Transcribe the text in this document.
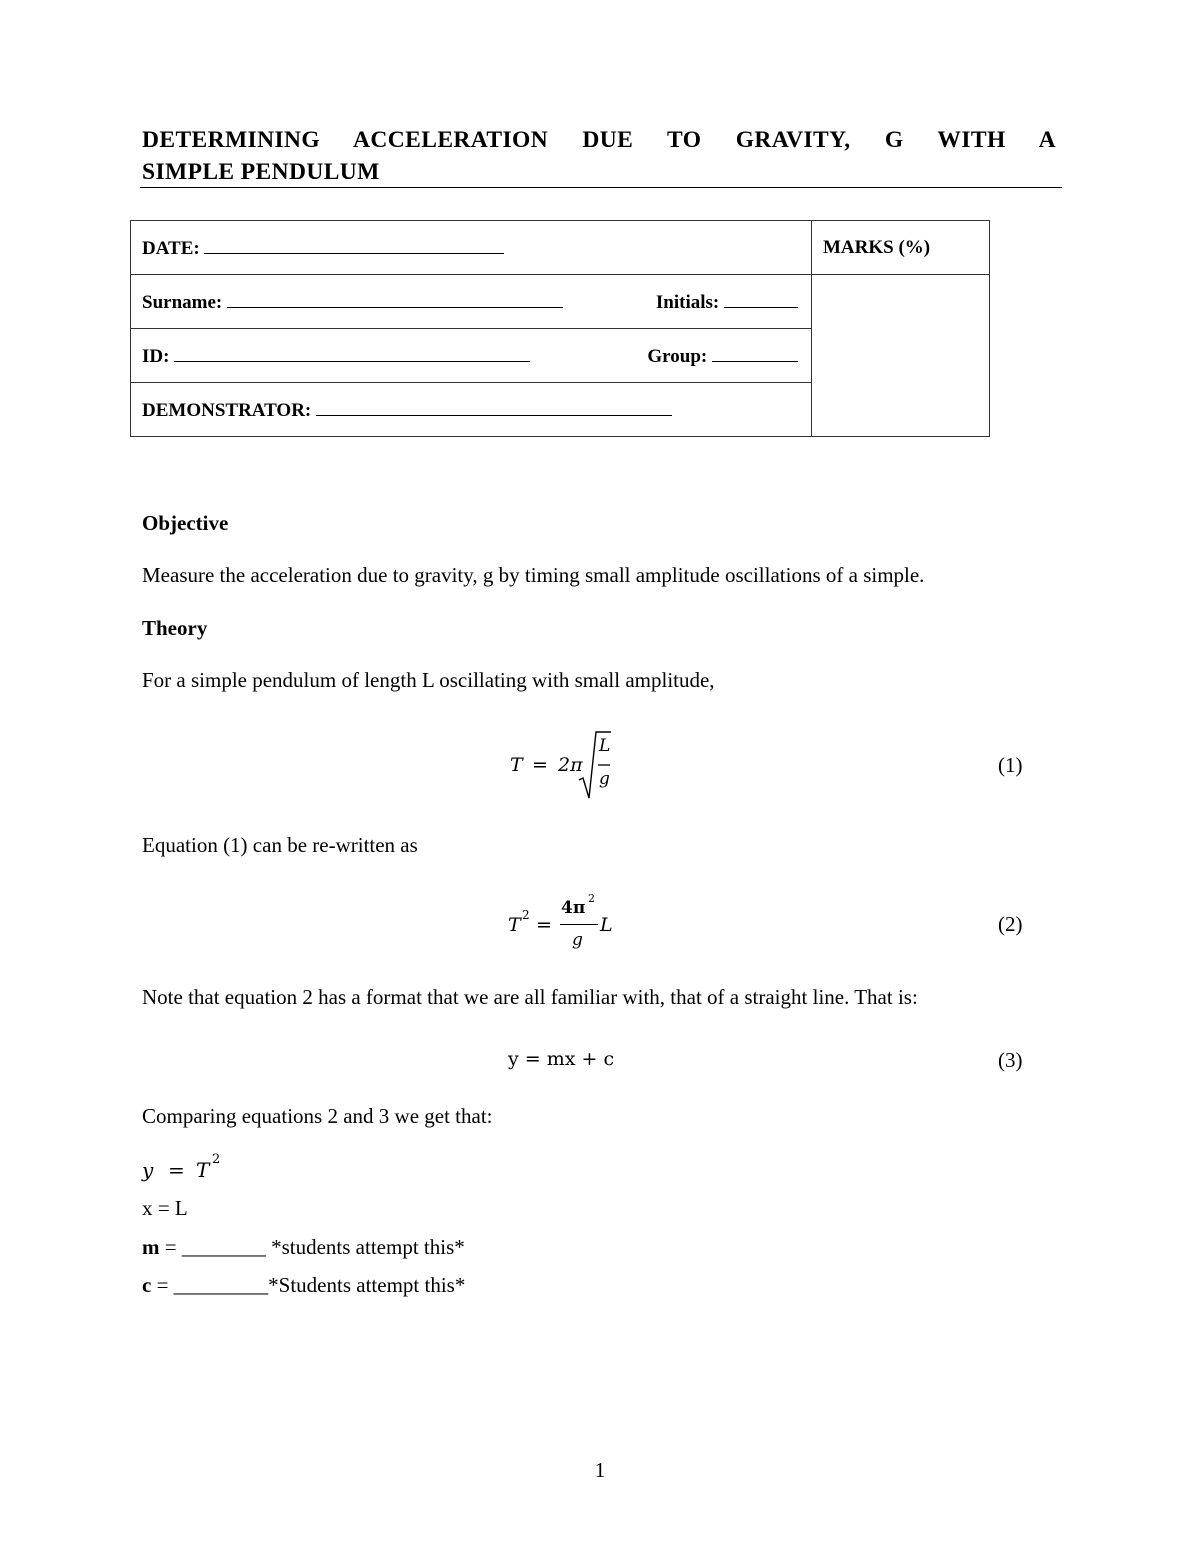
DETERMINING ACCELERATION DUE TO GRAVITY, G WITH A
SIMPLE PENDULUM
DATE:	MARKS (%)

Surname: Initials:	

ID: Group:	

DEMONSTRATOR:	
Objective
Measure the acceleration due to gravity, g by timing small amplitude oscillations of a simple.
Theory
For a simple pendulum of length L oscillating with small amplitude,
T = 2π
L
g
(1)
Equation (1) can be re-written as
T 2 =
4π 2
g
L	(2)
Note that equation 2 has a format that we are all familiar with, that of a straight line. That is:
y = mx + c	(3)
Comparing equations 2 and 3 we get that:
y = T 2
x = L
m = ________ *students attempt this*
c = _________*Students attempt this*
1
